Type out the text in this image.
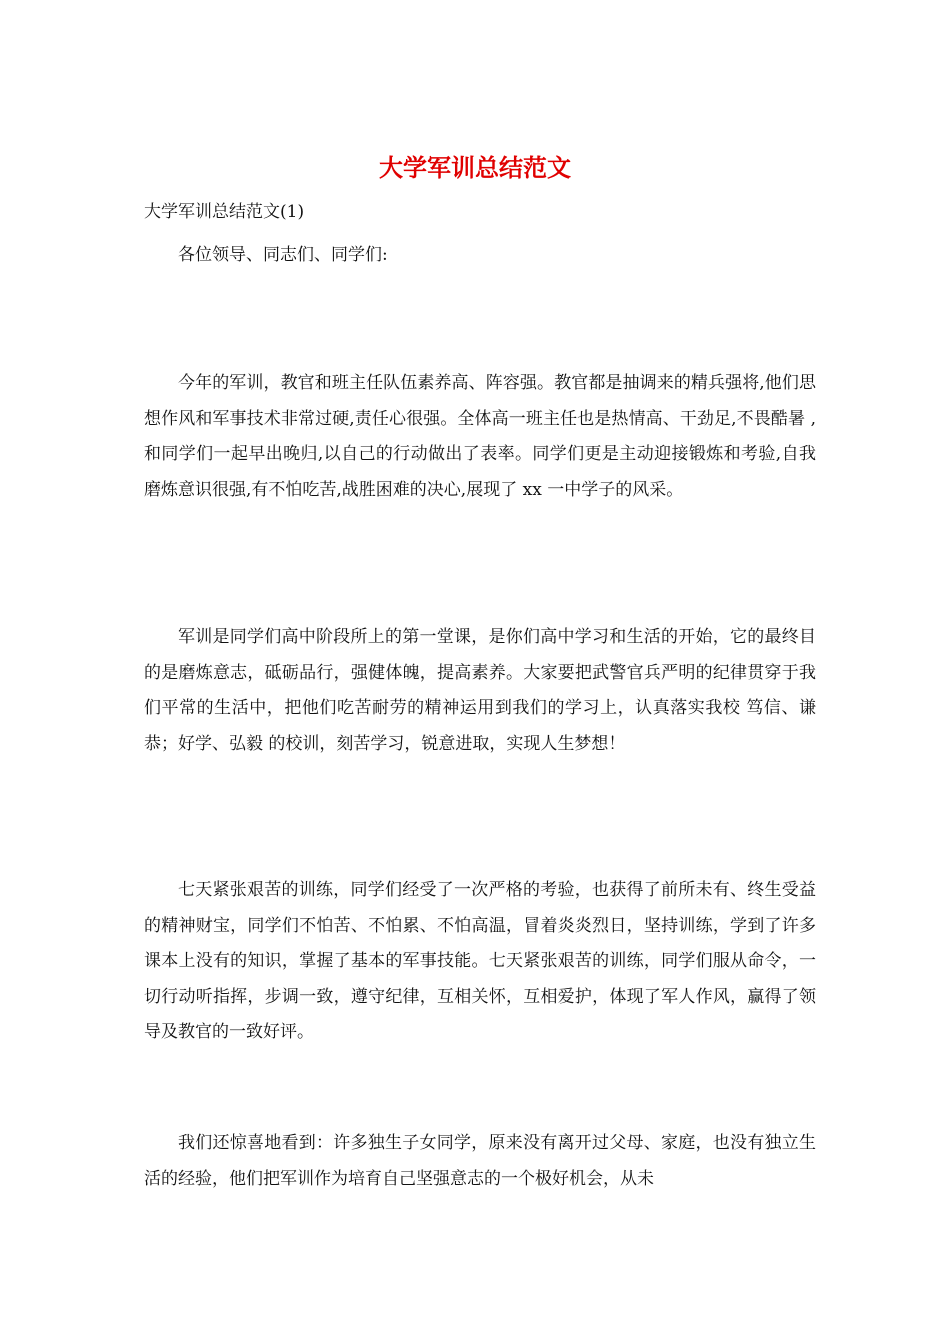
大学军训总结范文

大学军训总结范文(1)

各位领导、同志们、同学们:

今年的军训，教官和班主任队伍素养高、阵容强。教官都是抽调来的精兵强将,他们思想作风和军事技术非常过硬,责任心很强。全体高一班主任也是热情高、干劲足,不畏酷暑 ,和同学们一起早出晚归,以自己的行动做出了表率。同学们更是主动迎接锻炼和考验,自我磨炼意识很强,有不怕吃苦,战胜困难的决心,展现了 xx 一中学子的风采。

军训是同学们高中阶段所上的第一堂课，是你们高中学习和生活的开始，它的最终目的是磨炼意志，砥砺品行，强健体魄，提高素养。大家要把武警官兵严明的纪律贯穿于我们平常的生活中，把他们吃苦耐劳的精神运用到我们的学习上，认真落实我校 笃信、谦恭；好学、弘毅 的校训，刻苦学习，锐意进取，实现人生梦想！

七天紧张艰苦的训练，同学们经受了一次严格的考验，也获得了前所未有、终生受益的精神财宝，同学们不怕苦、不怕累、不怕高温，冒着炎炎烈日，坚持训练，学到了许多课本上没有的知识，掌握了基本的军事技能。七天紧张艰苦的训练，同学们服从命令，一切行动听指挥，步调一致，遵守纪律，互相关怀，互相爱护，体现了军人作风，赢得了领导及教官的一致好评。

我们还惊喜地看到：许多独生子女同学，原来没有离开过父母、家庭，也没有独立生活的经验，他们把军训作为培育自己坚强意志的一个极好机会，从未
